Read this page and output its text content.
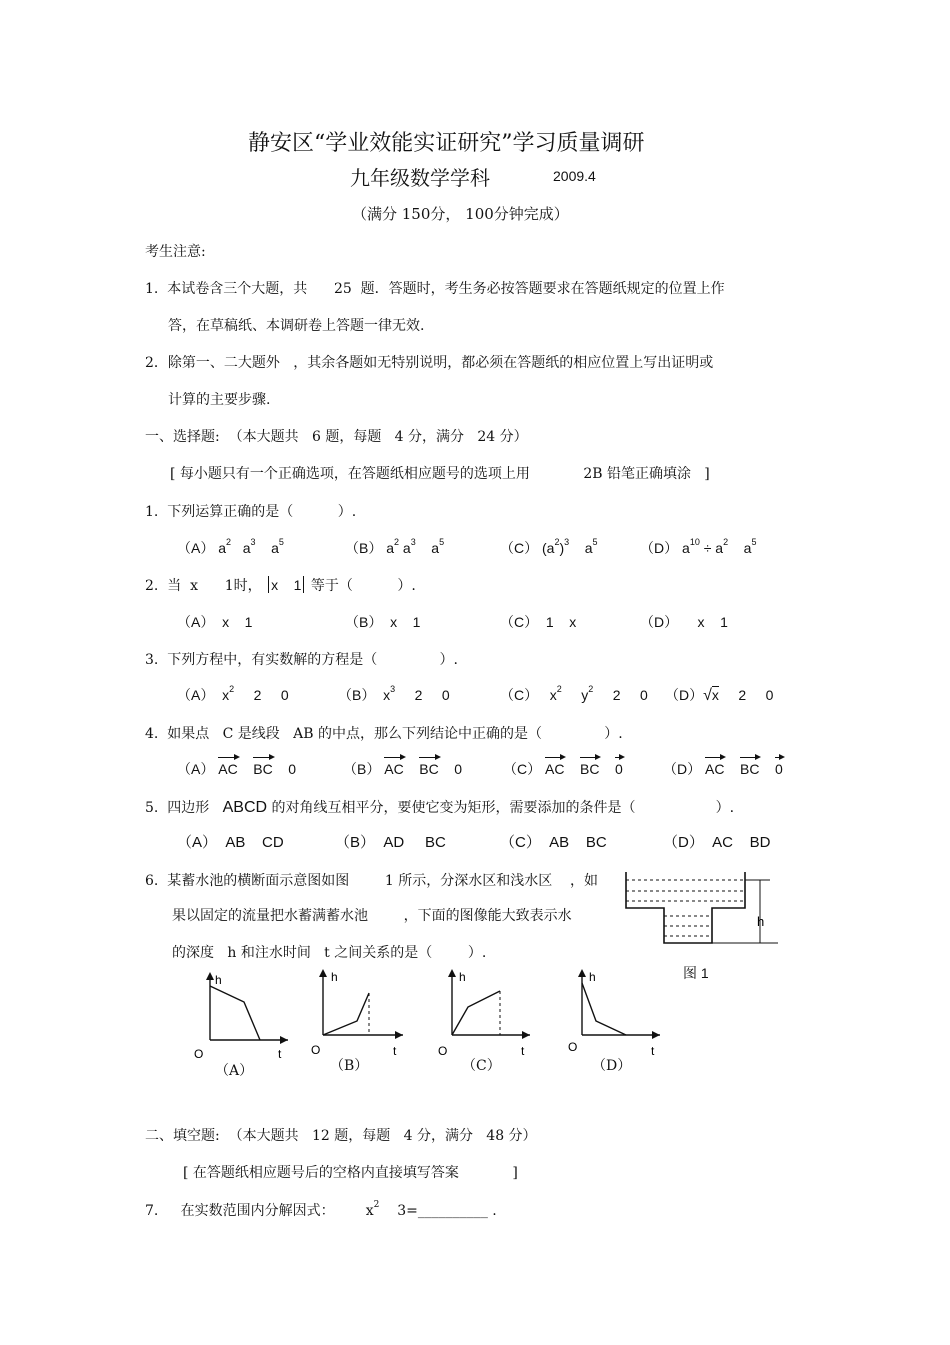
静安区“学业效能实证研究”学习质量调研
九年级数学学科	2009.4
（满分 150分， 100分钟完成）
考生注意:
1.  本试卷含三个大题，共      25  题．答题时，考生务必按答题要求在答题纸规定的位置上作
答，在草稿纸、本调研卷上答题一律无效.
2．除第一、二大题外   ，其余各题如无特别说明，都必须在答题纸的相应位置上写出证明或
计算的主要步骤.
一、选择题:  （本大题共   6 题，每题   4 分，满分   24 分）
[ 每小题只有一个正确选项，在答题纸相应题号的选项上用            2B 铅笔正确填涂   ]
1.  下列运算正确的是（          ）.
（A） $a^2$   $a^3$    $a^5$	（B） $a^2$ $a^3$    $a^5$	（C） $(a^2)^3$    $a^5$	（D） $a^{10} \div a^2$    $a^5$
2.  当  x      1时， x    1 等于（          ）.
（A）  x    1	（B）  x    1	（C）  1    x	（D）     x    1
3.  下列方程中，有实数解的方程是（              ）.
（A）  $x^2$     2     0	（B）  $x^3$     2     0	（C）   $x^2$     $y^2$     2     0 （D）√x     2     0
4.  如果点   C 是线段   AB 的中点，那么下列结论中正确的是（              ）.
（A） AC BC 0	（B） AC BC 0	（C） AC BC 0	（D） AC BC 0
5.  四边形   ABCD 的对角线互相平分，要使它变为矩形，需要添加的条件是（                  ）.
（A）  AB    CD	（B）  AD     BC	（C）  AB    BC	（D）  AC    BD
6.  某蓄水池的横断面示意图如图        1 所示，分深水区和浅水区    ，如
果以固定的流量把水蓄满蓄水池        ，下面的图像能大致表示水
的深度   h 和注水时间   t 之间关系的是（        ）.
h
图 1
h
O	t
（A）
h
O	t
（B）
h
O	t
（C）
h
O	t
（D）
二、填空题:  （本大题共   12 题，每题   4 分，满分   48 分）
[ 在答题纸相应题号后的空格内直接填写答案            ]
7.     在实数范围内分解因式：       $x^2$    3=__________ .
